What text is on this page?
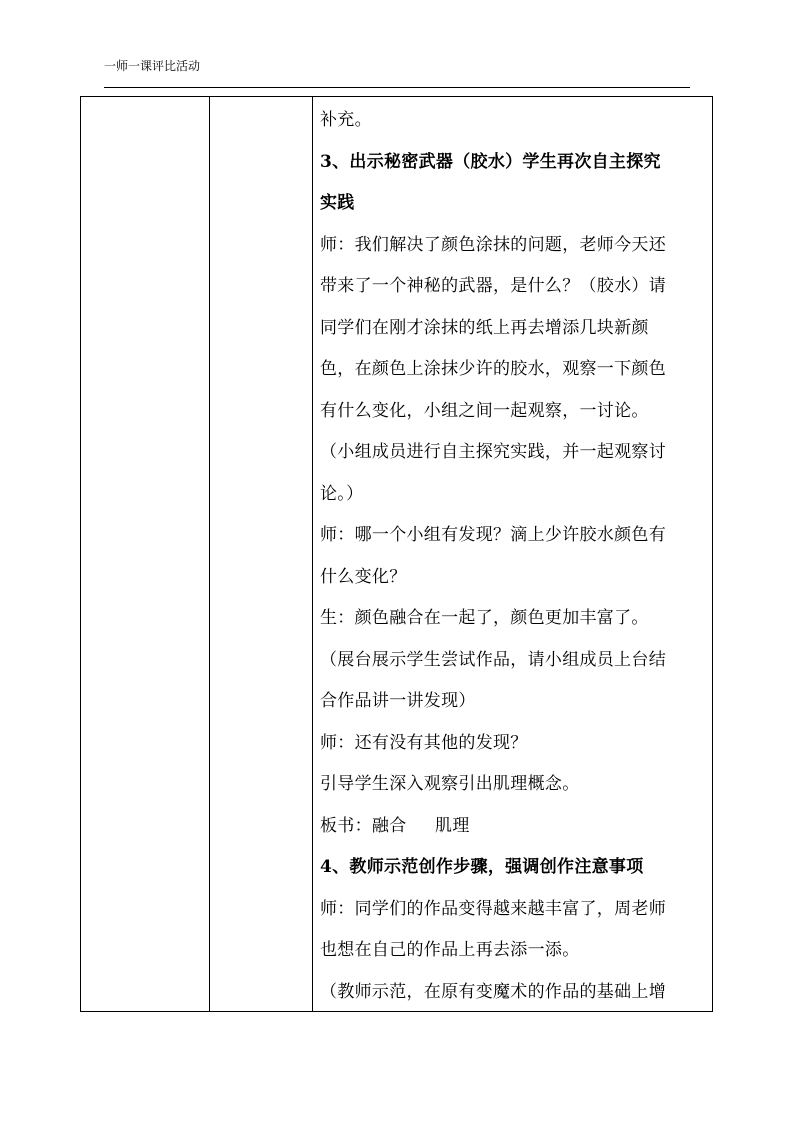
一师一课评比活动
补充。
3、出示秘密武器（胶水）学生再次自主探究
实践
师：我们解决了颜色涂抹的问题，老师今天还
带来了一个神秘的武器，是什么？（胶水）请
同学们在刚才涂抹的纸上再去增添几块新颜
色，在颜色上涂抹少许的胶水，观察一下颜色
有什么变化，小组之间一起观察，一讨论。
（小组成员进行自主探究实践，并一起观察讨
论。）
师：哪一个小组有发现？滴上少许胶水颜色有
什么变化？
生：颜色融合在一起了，颜色更加丰富了。
（展台展示学生尝试作品，请小组成员上台结
合作品讲一讲发现）
师：还有没有其他的发现？
引导学生深入观察引出肌理概念。
板书：融合     肌理
4、教师示范创作步骤，强调创作注意事项
师：同学们的作品变得越来越丰富了，周老师
也想在自己的作品上再去添一添。
（教师示范，在原有变魔术的作品的基础上增
